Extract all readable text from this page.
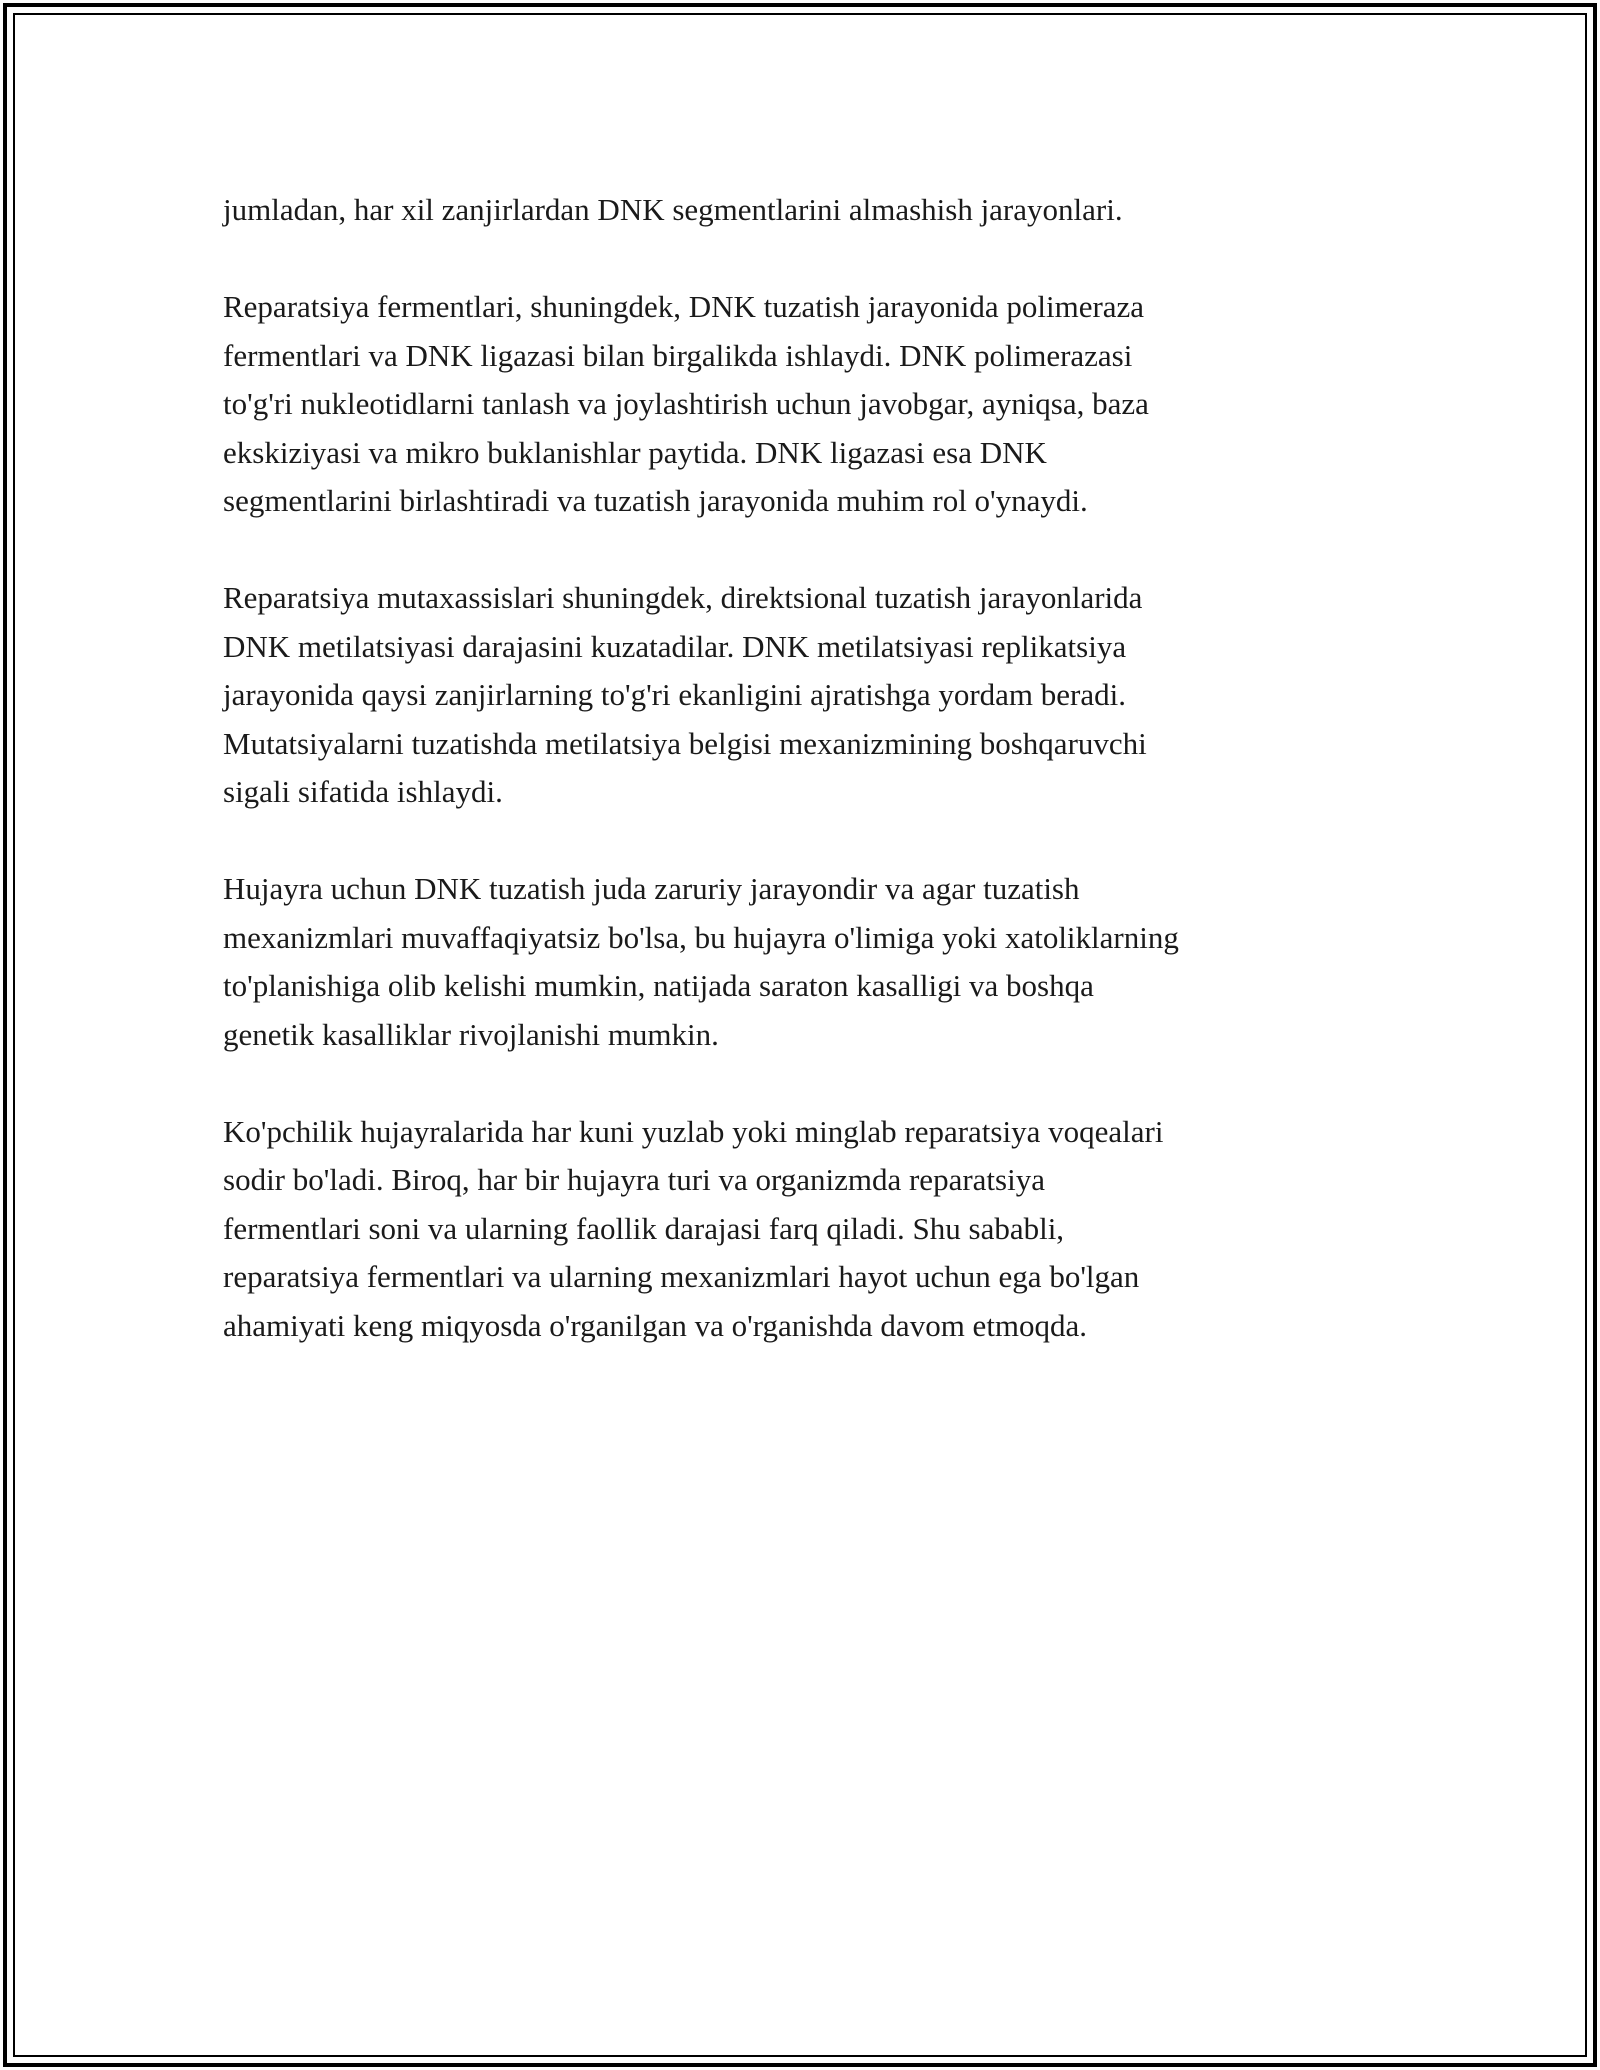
jumladan, har xil zanjirlardan DNK segmentlarini almashish jarayonlari.

Reparatsiya fermentlari, shuningdek, DNK tuzatish jarayonida polimeraza
fermentlari va DNK ligazasi bilan birgalikda ishlaydi. DNK polimerazasi
to'g'ri nukleotidlarni tanlash va joylashtirish uchun javobgar, ayniqsa, baza
ekskiziyasi va mikro buklanishlar paytida. DNK ligazasi esa DNK
segmentlarini birlashtiradi va tuzatish jarayonida muhim rol o'ynaydi.

Reparatsiya mutaxassislari shuningdek, direktsional tuzatish jarayonlarida
DNK metilatsiyasi darajasini kuzatadilar. DNK metilatsiyasi replikatsiya
jarayonida qaysi zanjirlarning to'g'ri ekanligini ajratishga yordam beradi.
Mutatsiyalarni tuzatishda metilatsiya belgisi mexanizmining boshqaruvchi
sigali sifatida ishlaydi.

Hujayra uchun DNK tuzatish juda zaruriy jarayondir va agar tuzatish
mexanizmlari muvaffaqiyatsiz bo'lsa, bu hujayra o'limiga yoki xatoliklarning
to'planishiga olib kelishi mumkin, natijada saraton kasalligi va boshqa
genetik kasalliklar rivojlanishi mumkin.

Ko'pchilik hujayralarida har kuni yuzlab yoki minglab reparatsiya voqealari
sodir bo'ladi. Biroq, har bir hujayra turi va organizmda reparatsiya
fermentlari soni va ularning faollik darajasi farq qiladi. Shu sababli,
reparatsiya fermentlari va ularning mexanizmlari hayot uchun ega bo'lgan
ahamiyati keng miqyosda o'rganilgan va o'rganishda davom etmoqda.
